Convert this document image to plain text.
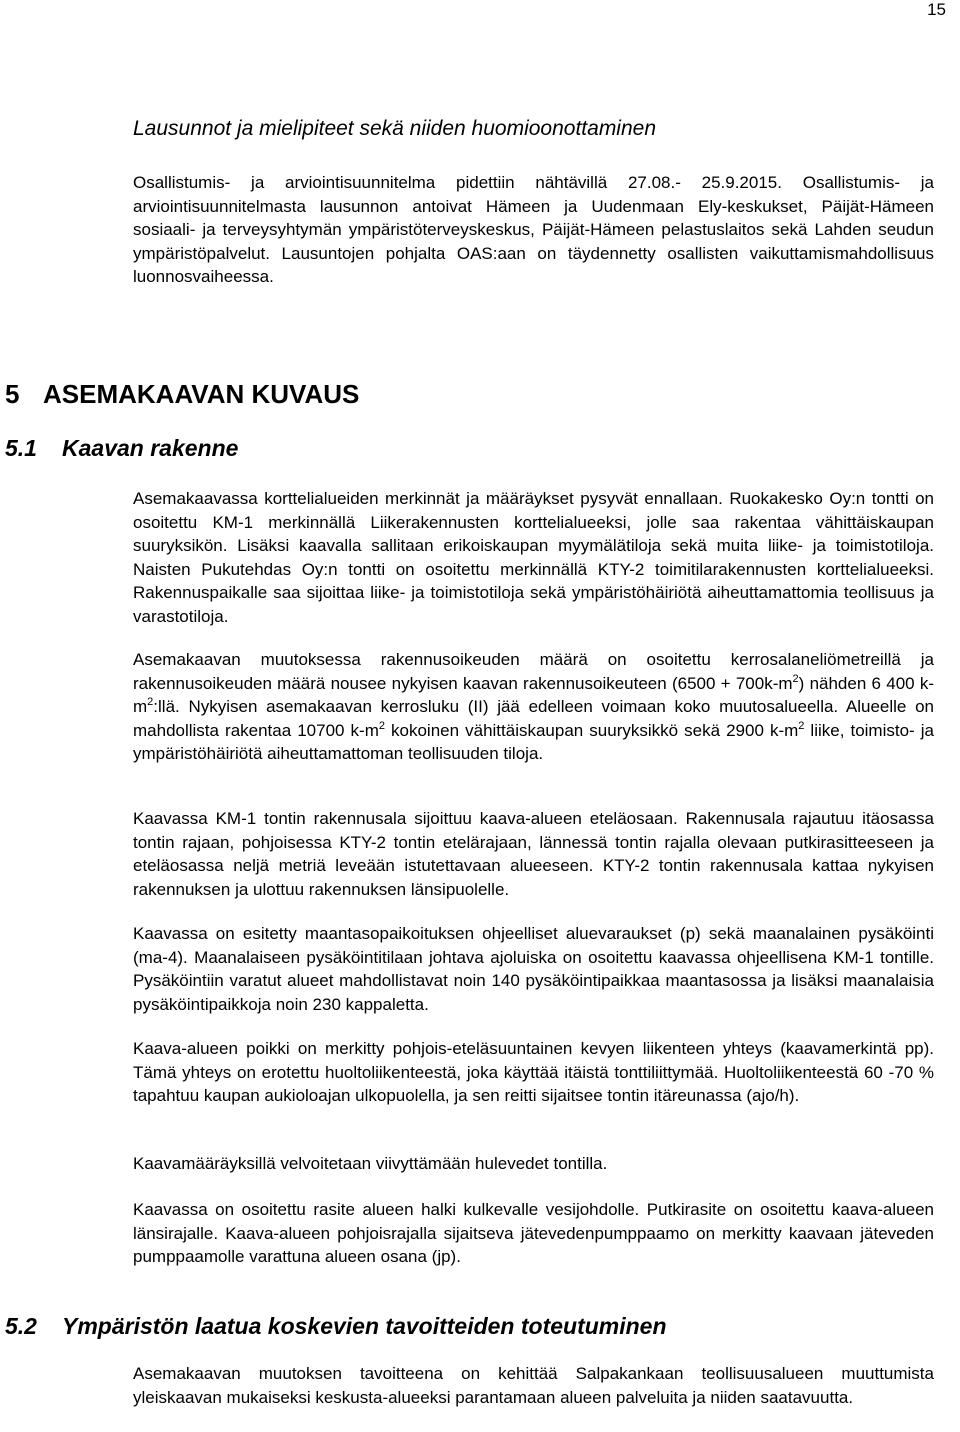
15
Lausunnot ja mielipiteet sekä niiden huomioonottaminen

Osallistumis- ja arviointisuunnitelma pidettiin nähtävillä 27.08.- 25.9.2015. Osallistumis- ja arviointisuunnitelmasta lausunnon antoivat Hämeen ja Uudenmaan Ely-keskukset, Päijät-Hämeen sosiaali- ja terveysyhtymän ympäristöterveyskeskus, Päijät-Hämeen pelastuslaitos sekä Lahden seudun ympäristöpalvelut. Lausuntojen pohjalta OAS:aan on täydennetty osallisten vaikuttamismahdollisuus luonnosvaiheessa.

5 ASEMAKAAVAN KUVAUS
5.1 Kaavan rakenne

Asemakaavassa korttelialueiden merkinnät ja määräykset pysyvät ennallaan. Ruokakesko Oy:n tontti on osoitettu KM-1 merkinnällä Liikerakennusten korttelialueeksi, jolle saa rakentaa vähittäiskaupan suuryksikön. Lisäksi kaavalla sallitaan erikoiskaupan myymälätiloja sekä muita liike- ja toimistotiloja. Naisten Pukutehdas Oy:n tontti on osoitettu merkinnällä KTY-2 toimitilarakennusten korttelialueeksi. Rakennuspaikalle saa sijoittaa liike- ja toimistotiloja sekä ympäristöhäiriötä aiheuttamattomia teollisuus ja varastotiloja.

Asemakaavan muutoksessa rakennusoikeuden määrä on osoitettu kerrosalaneliömetreillä ja rakennusoikeuden määrä nousee nykyisen kaavan rakennusoikeuteen $(6500 + 700k-m^2)$ nähden 6 400 $k-m^2:llä$. Nykyisen asemakaavan kerrosluku (II) jää edelleen voimaan koko muutosalueella. Alueelle on mahdollista rakentaa 10700 $k-m^2$ kokoinen vähittäiskaupan suuryksikkö sekä 2900 $k-m^2$ liike, toimisto- ja ympäristöhäiriötä aiheuttamattoman teollisuuden tiloja.

Kaavassa KM-1 tontin rakennusala sijoittuu kaava-alueen eteläosaan. Rakennusala rajautuu itäosassa tontin rajaan, pohjoisessa KTY-2 tontin etelärajaan, lännessä tontin rajalla olevaan putkirasitteeseen ja eteläosassa neljä metriä leveään istutettavaan alueeseen. KTY-2 tontin rakennusala kattaa nykyisen rakennuksen ja ulottuu rakennuksen länsipuolelle.

Kaavassa on esitetty maantasopaikoituksen ohjeelliset aluevaraukset (p) sekä maanalainen pysäköinti (ma-4). Maanalaiseen pysäköintitilaan johtava ajoluiska on osoitettu kaavassa ohjeellisena KM-1 tontille. Pysäköintiin varatut alueet mahdollistavat noin 140 pysäköintipaikkaa maantasossa ja lisäksi maanalaisia pysäköintipaikkoja noin 230 kappaletta.

Kaava-alueen poikki on merkitty pohjois-eteläsuuntainen kevyen liikenteen yhteys (kaavamerkintä pp). Tämä yhteys on erotettu huoltoliikenteestä, joka käyttää itäistä tonttiliittymää. Huoltoliikenteestä 60 -70 % tapahtuu kaupan aukioloajan ulkopuolella, ja sen reitti sijaitsee tontin itäreunassa (ajo/h).

Kaavamääräyksillä velvoitetaan viivyttämään hulevedet tontilla.

Kaavassa on osoitettu rasite alueen halki kulkevalle vesijohdolle. Putkirasite on osoitettu kaava-alueen länsirajalle. Kaava-alueen pohjoisrajalla sijaitseva jätevedenpumppaamo on merkitty kaavaan jäteveden pumppaamolle varattuna alueen osana (jp).

5.2 Ympäristön laatua koskevien tavoitteiden toteutuminen

Asemakaavan muutoksen tavoitteena on kehittää Salpakankaan teollisuusalueen muuttumista yleiskaavan mukaiseksi keskusta-alueeksi parantamaan alueen palveluita ja niiden saatavuutta.
